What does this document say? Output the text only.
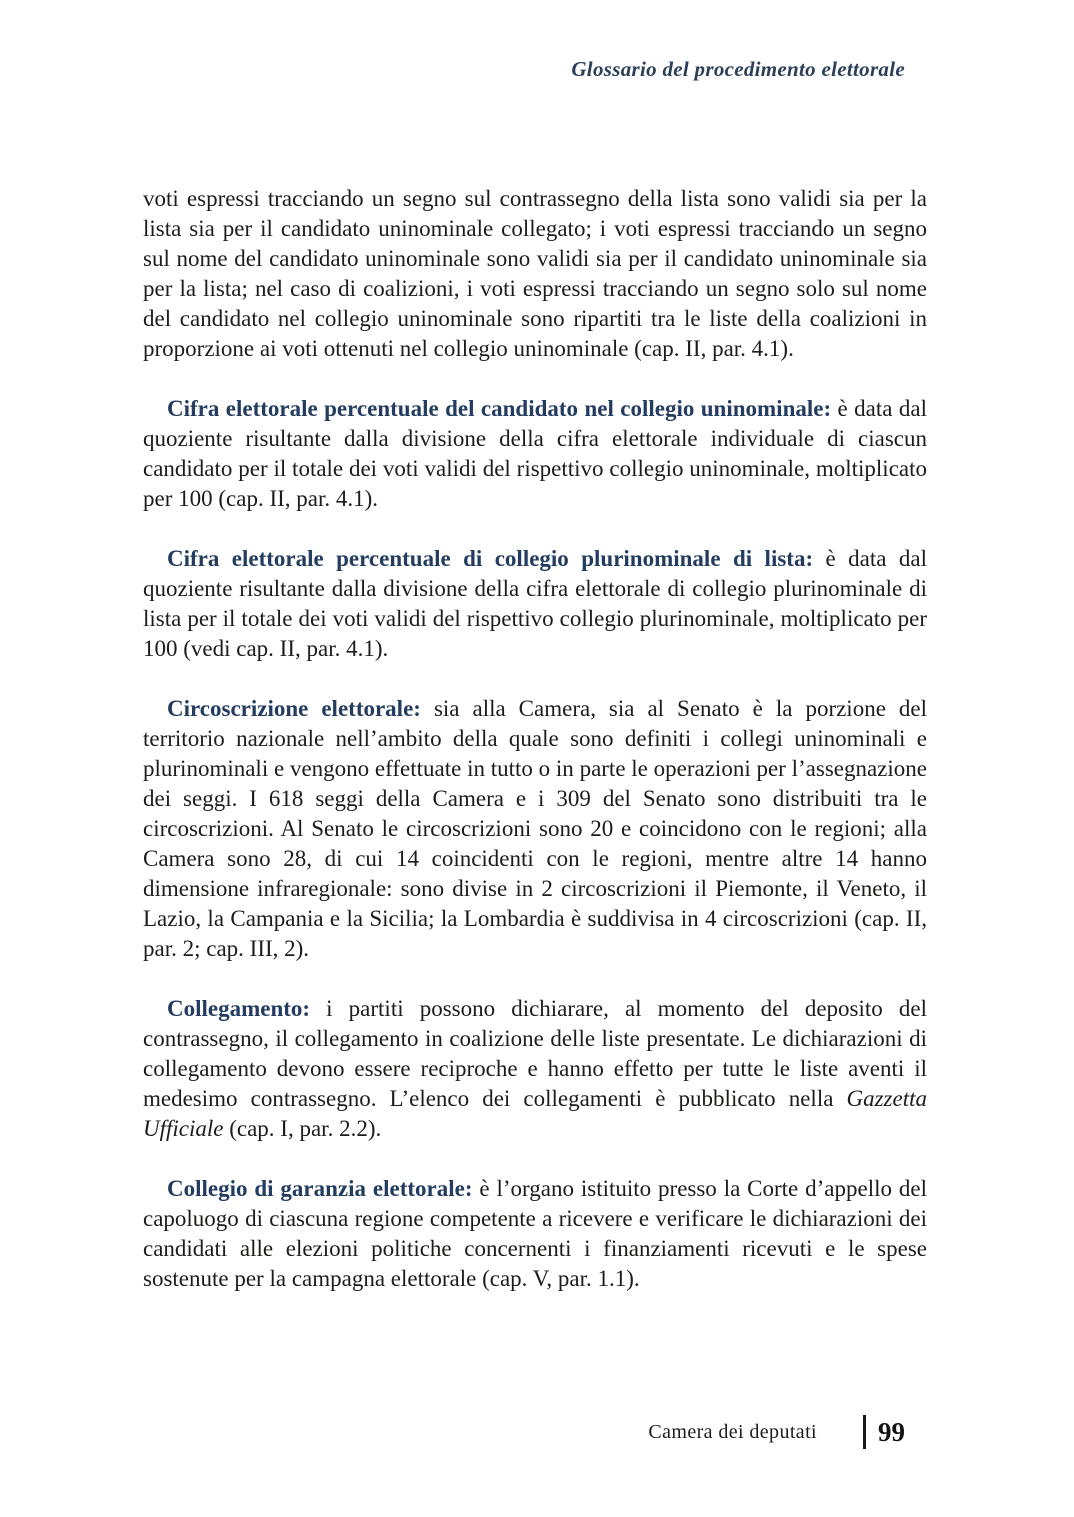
Glossario del procedimento elettorale

voti espressi tracciando un segno sul contrassegno della lista sono validi sia per la lista sia per il candidato uninominale collegato; i voti espressi tracciando un segno sul nome del candidato uninominale sono validi sia per il candidato uninominale sia per la lista; nel caso di coalizioni, i voti espressi tracciando un segno solo sul nome del candidato nel collegio uninominale sono ripartiti tra le liste della coalizioni in proporzione ai voti ottenuti nel collegio uninominale (cap. II, par. 4.1).

Cifra elettorale percentuale del candidato nel collegio uninominale: è data dal quoziente risultante dalla divisione della cifra elettorale individuale di ciascun candidato per il totale dei voti validi del rispettivo collegio uninominale, moltiplicato per 100 (cap. II, par. 4.1).

Cifra elettorale percentuale di collegio plurinominale di lista: è data dal quoziente risultante dalla divisione della cifra elettorale di collegio plurinominale di lista per il totale dei voti validi del rispettivo collegio plurinominale, moltiplicato per 100 (vedi cap. II, par. 4.1).

Circoscrizione elettorale: sia alla Camera, sia al Senato è la porzione del territorio nazionale nell’ambito della quale sono definiti i collegi uninominali e plurinominali e vengono effettuate in tutto o in parte le operazioni per l’assegnazione dei seggi. I 618 seggi della Camera e i 309 del Senato sono distribuiti tra le circoscrizioni. Al Senato le circoscrizioni sono 20 e coincidono con le regioni; alla Camera sono 28, di cui 14 coincidenti con le regioni, mentre altre 14 hanno dimensione infraregionale: sono divise in 2 circoscrizioni il Piemonte, il Veneto, il Lazio, la Campania e la Sicilia; la Lombardia è suddivisa in 4 circoscrizioni (cap. II, par. 2; cap. III, 2).

Collegamento: i partiti possono dichiarare, al momento del deposito del contrassegno, il collegamento in coalizione delle liste presentate. Le dichiarazioni di collegamento devono essere reciproche e hanno effetto per tutte le liste aventi il medesimo contrassegno. L’elenco dei collegamenti è pubblicato nella Gazzetta Ufficiale (cap. I, par. 2.2).

Collegio di garanzia elettorale: è l’organo istituito presso la Corte d’appello del capoluogo di ciascuna regione competente a ricevere e verificare le dichiarazioni dei candidati alle elezioni politiche concernenti i finanziamenti ricevuti e le spese sostenute per la campagna elettorale (cap. V, par. 1.1).

Camera dei deputati 99
